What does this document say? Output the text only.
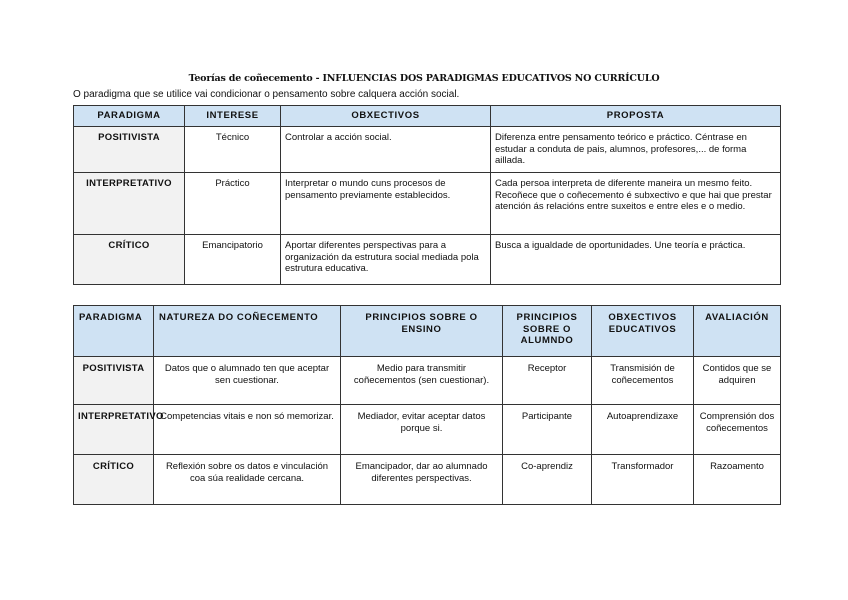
Teorías de coñecemento - INFLUENCIAS DOS PARADIGMAS EDUCATIVOS NO CURRÍCULO
O paradigma que se utilice vai condicionar o pensamento sobre calquera acción social.
PARADIGMA	INTERESE	OBXECTIVOS	PROPOSTA
POSITIVISTA	Técnico	Controlar a acción social.	Diferenza entre pensamento teórico e práctico. Céntrase en estudar a conduta de pais, alumnos, profesores,... de forma aillada.
INTERPRETATIVO	Práctico	Interpretar o mundo cuns procesos de pensamento previamente establecidos.	Cada persoa interpreta de diferente maneira un mesmo feito. Recoñece que o coñecemento é subxectivo e que hai que prestar atención ás relacións entre suxeitos e entre eles e o medio.
CRÍTICO	Emancipatorio	Aportar diferentes perspectivas para a organización da estrutura social mediada pola estrutura educativa.	Busca a igualdade de oportunidades. Une teoría e práctica.
PARADIGMA	NATUREZA DO COÑECEMENTO	PRINCIPIOS SOBRE O ENSINO	PRINCIPIOS SOBRE O ALUMNDO	OBXECTIVOS EDUCATIVOS	AVALIACIÓN
POSITIVISTA	Datos que o alumnado ten que aceptar sen cuestionar.	Medio para transmitir coñecementos (sen cuestionar).	Receptor	Transmisión de coñecementos	Contidos que se adquiren
INTERPRETATIVO	Competencias vitais e non só memorizar.	Mediador, evitar aceptar datos porque si.	Participante	Autoaprendizaxe	Comprensión dos coñecementos
CRÍTICO	Reflexión sobre os datos e vinculación coa súa realidade cercana.	Emancipador, dar ao alumnado diferentes perspectivas.	Co-aprendiz	Transformador	Razoamento
